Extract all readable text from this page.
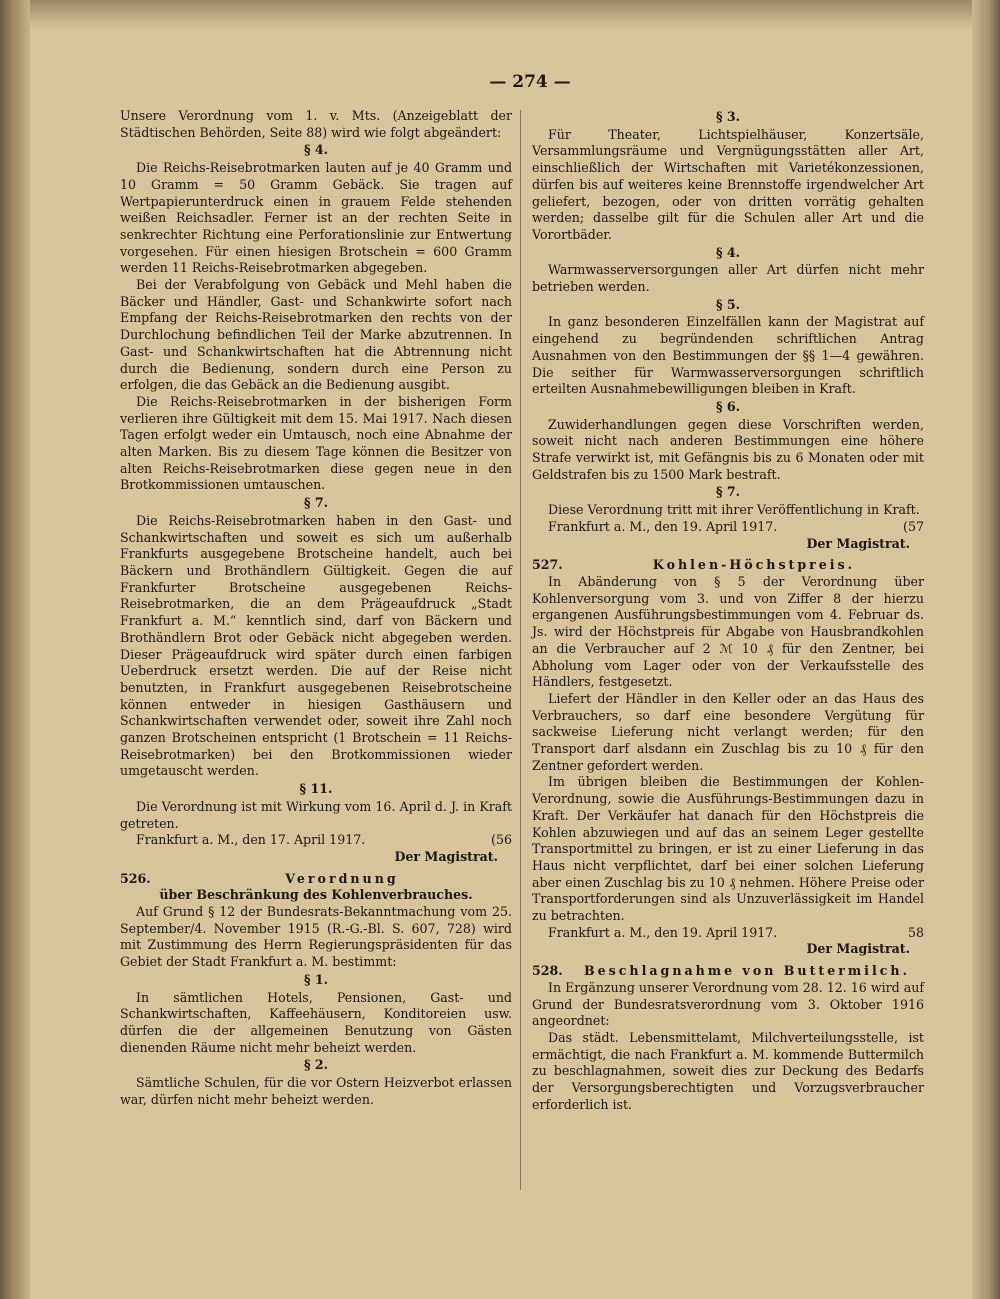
— 274 —

Unsere Verordnung vom 1. v. Mts. (Anzeigeblatt der Städtischen Behörden, Seite 88) wird wie folgt abgeändert:

§ 4.

Die Reichs-Reisebrotmarken lauten auf je 40 Gramm und 10 Gramm = 50 Gramm Gebäck. Sie tragen auf Wertpapierunterdruck einen in grauem Felde stehenden weißen Reichsadler. Ferner ist an der rechten Seite in senkrechter Richtung eine Perforationslinie zur Entwertung vorgesehen. Für einen hiesigen Brotschein = 600 Gramm werden 11 Reichs-Reisebrotmarken abgegeben.

Bei der Verabfolgung von Gebäck und Mehl haben die Bäcker und Händler, Gast- und Schankwirte sofort nach Empfang der Reichs-Reisebrotmarken den rechts von der Durchlochung befindlichen Teil der Marke abzutrennen. In Gast- und Schankwirtschaften hat die Abtrennung nicht durch die Bedienung, sondern durch eine Person zu erfolgen, die das Gebäck an die Bedienung ausgibt.

Die Reichs-Reisebrotmarken in der bisherigen Form verlieren ihre Gültigkeit mit dem 15. Mai 1917. Nach diesen Tagen erfolgt weder ein Umtausch, noch eine Abnahme der alten Marken. Bis zu diesem Tage können die Besitzer von alten Reichs-Reisebrotmarken diese gegen neue in den Brotkommissionen umtauschen.

§ 7.

Die Reichs-Reisebrotmarken haben in den Gast- und Schankwirtschaften und soweit es sich um außerhalb Frankfurts ausgegebene Brotscheine handelt, auch bei Bäckern und Brothändlern Gültigkeit. Gegen die auf Frankfurter Brotscheine ausgegebenen Reichs-Reisebrotmarken, die an dem Prägeaufdruck „Stadt Frankfurt a. M.“ kenntlich sind, darf von Bäckern und Brothändlern Brot oder Gebäck nicht abgegeben werden. Dieser Prägeaufdruck wird später durch einen farbigen Ueberdruck ersetzt werden. Die auf der Reise nicht benutzten, in Frankfurt ausgegebenen Reisebrotscheine können entweder in hiesigen Gasthäusern und Schankwirtschaften verwendet oder, soweit ihre Zahl noch ganzen Brotscheinen entspricht (1 Brotschein = 11 Reichs-Reisebrotmarken) bei den Brotkommissionen wieder umgetauscht werden.

§ 11.

Die Verordnung ist mit Wirkung vom 16. April d. J. in Kraft getreten.

Frankfurt a. M., den 17. April 1917.	(56
Der Magistrat.
526.	Verordnung
über Beschränkung des Kohlenverbrauches.

Auf Grund § 12 der Bundesrats-Bekanntmachung vom 25. September/4. November 1915 (R.-G.-Bl. S. 607, 728) wird mit Zustimmung des Herrn Regierungspräsidenten für das Gebiet der Stadt Frankfurt a. M. bestimmt:

§ 1.

In sämtlichen Hotels, Pensionen, Gast- und Schankwirtschaften, Kaffeehäusern, Konditoreien usw. dürfen die der allgemeinen Benutzung von Gästen dienenden Räume nicht mehr beheizt werden.

§ 2.

Sämtliche Schulen, für die vor Ostern Heizverbot erlassen war, dürfen nicht mehr beheizt werden.

§ 3.

Für Theater, Lichtspielhäuser, Konzertsäle, Versammlungsräume und Vergnügungsstätten aller Art, einschließlich der Wirtschaften mit Varietékonzessionen, dürfen bis auf weiteres keine Brennstoffe irgendwelcher Art geliefert, bezogen, oder von dritten vorrätig gehalten werden; dasselbe gilt für die Schulen aller Art und die Vorortbäder.

§ 4.

Warmwasserversorgungen aller Art dürfen nicht mehr betrieben werden.

§ 5.

In ganz besonderen Einzelfällen kann der Magistrat auf eingehend zu begründenden schriftlichen Antrag Ausnahmen von den Bestimmungen der §§ 1—4 gewähren. Die seither für Warmwasserversorgungen schriftlich erteilten Ausnahmebewilligungen bleiben in Kraft.

§ 6.

Zuwiderhandlungen gegen diese Vorschriften werden, soweit nicht nach anderen Bestimmungen eine höhere Strafe verwirkt ist, mit Gefängnis bis zu 6 Monaten oder mit Geldstrafen bis zu 1500 Mark bestraft.

§ 7.

Diese Verordnung tritt mit ihrer Veröffentlichung in Kraft.

Frankfurt a. M., den 19. April 1917.	(57
Der Magistrat.
527.	Kohlen-Höchstpreis.

In Abänderung von § 5 der Verordnung über Kohlenversorgung vom 3. und von Ziffer 8 der hierzu ergangenen Ausführungsbestimmungen vom 4. Februar ds. Js. wird der Höchstpreis für Abgabe von Hausbrandkohlen an die Verbraucher auf 2 ℳ 10 ₰ für den Zentner, bei Abholung vom Lager oder von der Verkaufsstelle des Händlers, festgesetzt.

Liefert der Händler in den Keller oder an das Haus des Verbrauchers, so darf eine besondere Vergütung für sackweise Lieferung nicht verlangt werden; für den Transport darf alsdann ein Zuschlag bis zu 10 ₰ für den Zentner gefordert werden.

Im übrigen bleiben die Bestimmungen der Kohlen-Verordnung, sowie die Ausführungs-Bestimmungen dazu in Kraft. Der Verkäufer hat danach für den Höchstpreis die Kohlen abzuwiegen und auf das an seinem Leger gestellte Transportmittel zu bringen, er ist zu einer Lieferung in das Haus nicht verpflichtet, darf bei einer solchen Lieferung aber einen Zuschlag bis zu 10 ₰ nehmen. Höhere Preise oder Transportforderungen sind als Unzuverlässigkeit im Handel zu betrachten.

Frankfurt a. M., den 19. April 1917.	58
Der Magistrat.
528.	Beschlagnahme von Buttermilch.

In Ergänzung unserer Verordnung vom 28. 12. 16 wird auf Grund der Bundesratsverordnung vom 3. Oktober 1916 angeordnet:

Das städt. Lebensmittelamt, Milchverteilungsstelle, ist ermächtigt, die nach Frankfurt a. M. kommende Buttermilch zu beschlagnahmen, soweit dies zur Deckung des Bedarfs der Versorgungsberechtigten und Vorzugsverbraucher erforderlich ist.
